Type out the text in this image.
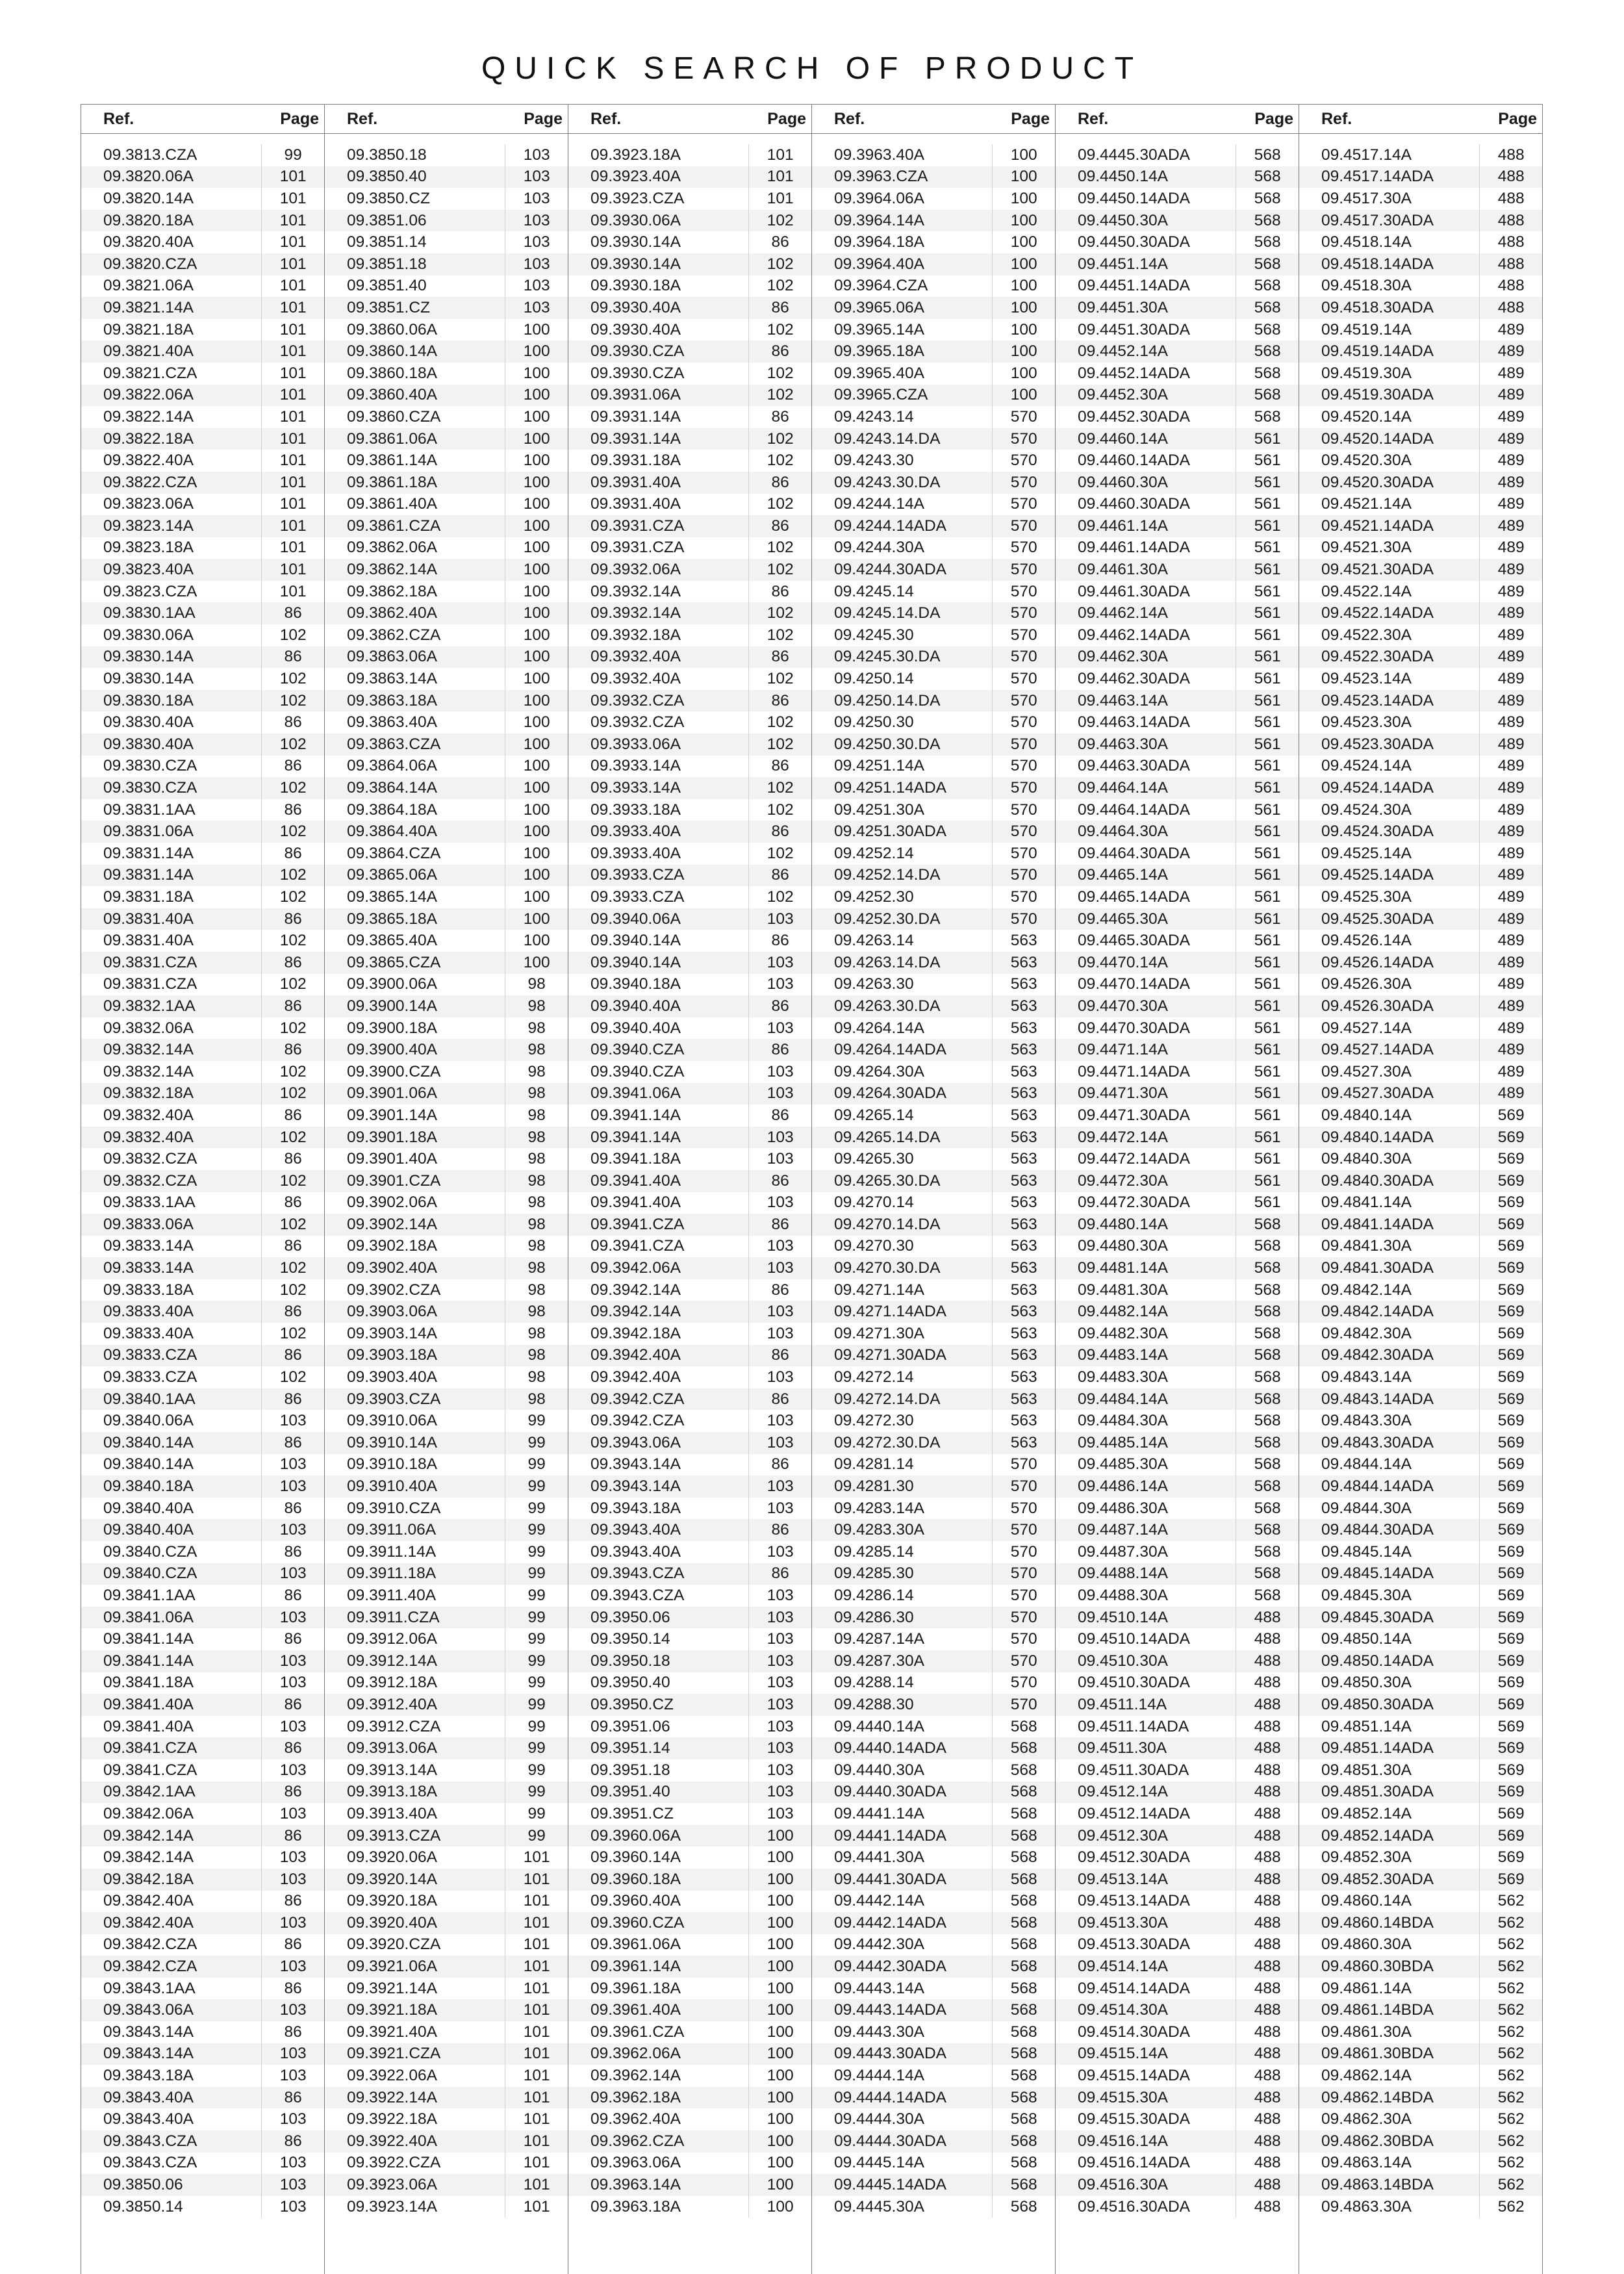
QUICK SEARCH OF PRODUCT
Ref.	Page
09.3813.CZA	99
09.3820.06A	101
09.3820.14A	101
09.3820.18A	101
09.3820.40A	101
09.3820.CZA	101
09.3821.06A	101
09.3821.14A	101
09.3821.18A	101
09.3821.40A	101
09.3821.CZA	101
09.3822.06A	101
09.3822.14A	101
09.3822.18A	101
09.3822.40A	101
09.3822.CZA	101
09.3823.06A	101
09.3823.14A	101
09.3823.18A	101
09.3823.40A	101
09.3823.CZA	101
09.3830.1AA	86
09.3830.06A	102
09.3830.14A	86
09.3830.14A	102
09.3830.18A	102
09.3830.40A	86
09.3830.40A	102
09.3830.CZA	86
09.3830.CZA	102
09.3831.1AA	86
09.3831.06A	102
09.3831.14A	86
09.3831.14A	102
09.3831.18A	102
09.3831.40A	86
09.3831.40A	102
09.3831.CZA	86
09.3831.CZA	102
09.3832.1AA	86
09.3832.06A	102
09.3832.14A	86
09.3832.14A	102
09.3832.18A	102
09.3832.40A	86
09.3832.40A	102
09.3832.CZA	86
09.3832.CZA	102
09.3833.1AA	86
09.3833.06A	102
09.3833.14A	86
09.3833.14A	102
09.3833.18A	102
09.3833.40A	86
09.3833.40A	102
09.3833.CZA	86
09.3833.CZA	102
09.3840.1AA	86
09.3840.06A	103
09.3840.14A	86
09.3840.14A	103
09.3840.18A	103
09.3840.40A	86
09.3840.40A	103
09.3840.CZA	86
09.3840.CZA	103
09.3841.1AA	86
09.3841.06A	103
09.3841.14A	86
09.3841.14A	103
09.3841.18A	103
09.3841.40A	86
09.3841.40A	103
09.3841.CZA	86
09.3841.CZA	103
09.3842.1AA	86
09.3842.06A	103
09.3842.14A	86
09.3842.14A	103
09.3842.18A	103
09.3842.40A	86
09.3842.40A	103
09.3842.CZA	86
09.3842.CZA	103
09.3843.1AA	86
09.3843.06A	103
09.3843.14A	86
09.3843.14A	103
09.3843.18A	103
09.3843.40A	86
09.3843.40A	103
09.3843.CZA	86
09.3843.CZA	103
09.3850.06	103
09.3850.14	103
Ref.	Page
09.3850.18	103
09.3850.40	103
09.3850.CZ	103
09.3851.06	103
09.3851.14	103
09.3851.18	103
09.3851.40	103
09.3851.CZ	103
09.3860.06A	100
09.3860.14A	100
09.3860.18A	100
09.3860.40A	100
09.3860.CZA	100
09.3861.06A	100
09.3861.14A	100
09.3861.18A	100
09.3861.40A	100
09.3861.CZA	100
09.3862.06A	100
09.3862.14A	100
09.3862.18A	100
09.3862.40A	100
09.3862.CZA	100
09.3863.06A	100
09.3863.14A	100
09.3863.18A	100
09.3863.40A	100
09.3863.CZA	100
09.3864.06A	100
09.3864.14A	100
09.3864.18A	100
09.3864.40A	100
09.3864.CZA	100
09.3865.06A	100
09.3865.14A	100
09.3865.18A	100
09.3865.40A	100
09.3865.CZA	100
09.3900.06A	98
09.3900.14A	98
09.3900.18A	98
09.3900.40A	98
09.3900.CZA	98
09.3901.06A	98
09.3901.14A	98
09.3901.18A	98
09.3901.40A	98
09.3901.CZA	98
09.3902.06A	98
09.3902.14A	98
09.3902.18A	98
09.3902.40A	98
09.3902.CZA	98
09.3903.06A	98
09.3903.14A	98
09.3903.18A	98
09.3903.40A	98
09.3903.CZA	98
09.3910.06A	99
09.3910.14A	99
09.3910.18A	99
09.3910.40A	99
09.3910.CZA	99
09.3911.06A	99
09.3911.14A	99
09.3911.18A	99
09.3911.40A	99
09.3911.CZA	99
09.3912.06A	99
09.3912.14A	99
09.3912.18A	99
09.3912.40A	99
09.3912.CZA	99
09.3913.06A	99
09.3913.14A	99
09.3913.18A	99
09.3913.40A	99
09.3913.CZA	99
09.3920.06A	101
09.3920.14A	101
09.3920.18A	101
09.3920.40A	101
09.3920.CZA	101
09.3921.06A	101
09.3921.14A	101
09.3921.18A	101
09.3921.40A	101
09.3921.CZA	101
09.3922.06A	101
09.3922.14A	101
09.3922.18A	101
09.3922.40A	101
09.3922.CZA	101
09.3923.06A	101
09.3923.14A	101
Ref.	Page
09.3923.18A	101
09.3923.40A	101
09.3923.CZA	101
09.3930.06A	102
09.3930.14A	86
09.3930.14A	102
09.3930.18A	102
09.3930.40A	86
09.3930.40A	102
09.3930.CZA	86
09.3930.CZA	102
09.3931.06A	102
09.3931.14A	86
09.3931.14A	102
09.3931.18A	102
09.3931.40A	86
09.3931.40A	102
09.3931.CZA	86
09.3931.CZA	102
09.3932.06A	102
09.3932.14A	86
09.3932.14A	102
09.3932.18A	102
09.3932.40A	86
09.3932.40A	102
09.3932.CZA	86
09.3932.CZA	102
09.3933.06A	102
09.3933.14A	86
09.3933.14A	102
09.3933.18A	102
09.3933.40A	86
09.3933.40A	102
09.3933.CZA	86
09.3933.CZA	102
09.3940.06A	103
09.3940.14A	86
09.3940.14A	103
09.3940.18A	103
09.3940.40A	86
09.3940.40A	103
09.3940.CZA	86
09.3940.CZA	103
09.3941.06A	103
09.3941.14A	86
09.3941.14A	103
09.3941.18A	103
09.3941.40A	86
09.3941.40A	103
09.3941.CZA	86
09.3941.CZA	103
09.3942.06A	103
09.3942.14A	86
09.3942.14A	103
09.3942.18A	103
09.3942.40A	86
09.3942.40A	103
09.3942.CZA	86
09.3942.CZA	103
09.3943.06A	103
09.3943.14A	86
09.3943.14A	103
09.3943.18A	103
09.3943.40A	86
09.3943.40A	103
09.3943.CZA	86
09.3943.CZA	103
09.3950.06	103
09.3950.14	103
09.3950.18	103
09.3950.40	103
09.3950.CZ	103
09.3951.06	103
09.3951.14	103
09.3951.18	103
09.3951.40	103
09.3951.CZ	103
09.3960.06A	100
09.3960.14A	100
09.3960.18A	100
09.3960.40A	100
09.3960.CZA	100
09.3961.06A	100
09.3961.14A	100
09.3961.18A	100
09.3961.40A	100
09.3961.CZA	100
09.3962.06A	100
09.3962.14A	100
09.3962.18A	100
09.3962.40A	100
09.3962.CZA	100
09.3963.06A	100
09.3963.14A	100
09.3963.18A	100
Ref.	Page
09.3963.40A	100
09.3963.CZA	100
09.3964.06A	100
09.3964.14A	100
09.3964.18A	100
09.3964.40A	100
09.3964.CZA	100
09.3965.06A	100
09.3965.14A	100
09.3965.18A	100
09.3965.40A	100
09.3965.CZA	100
09.4243.14	570
09.4243.14.DA	570
09.4243.30	570
09.4243.30.DA	570
09.4244.14A	570
09.4244.14ADA	570
09.4244.30A	570
09.4244.30ADA	570
09.4245.14	570
09.4245.14.DA	570
09.4245.30	570
09.4245.30.DA	570
09.4250.14	570
09.4250.14.DA	570
09.4250.30	570
09.4250.30.DA	570
09.4251.14A	570
09.4251.14ADA	570
09.4251.30A	570
09.4251.30ADA	570
09.4252.14	570
09.4252.14.DA	570
09.4252.30	570
09.4252.30.DA	570
09.4263.14	563
09.4263.14.DA	563
09.4263.30	563
09.4263.30.DA	563
09.4264.14A	563
09.4264.14ADA	563
09.4264.30A	563
09.4264.30ADA	563
09.4265.14	563
09.4265.14.DA	563
09.4265.30	563
09.4265.30.DA	563
09.4270.14	563
09.4270.14.DA	563
09.4270.30	563
09.4270.30.DA	563
09.4271.14A	563
09.4271.14ADA	563
09.4271.30A	563
09.4271.30ADA	563
09.4272.14	563
09.4272.14.DA	563
09.4272.30	563
09.4272.30.DA	563
09.4281.14	570
09.4281.30	570
09.4283.14A	570
09.4283.30A	570
09.4285.14	570
09.4285.30	570
09.4286.14	570
09.4286.30	570
09.4287.14A	570
09.4287.30A	570
09.4288.14	570
09.4288.30	570
09.4440.14A	568
09.4440.14ADA	568
09.4440.30A	568
09.4440.30ADA	568
09.4441.14A	568
09.4441.14ADA	568
09.4441.30A	568
09.4441.30ADA	568
09.4442.14A	568
09.4442.14ADA	568
09.4442.30A	568
09.4442.30ADA	568
09.4443.14A	568
09.4443.14ADA	568
09.4443.30A	568
09.4443.30ADA	568
09.4444.14A	568
09.4444.14ADA	568
09.4444.30A	568
09.4444.30ADA	568
09.4445.14A	568
09.4445.14ADA	568
09.4445.30A	568
Ref.	Page
09.4445.30ADA	568
09.4450.14A	568
09.4450.14ADA	568
09.4450.30A	568
09.4450.30ADA	568
09.4451.14A	568
09.4451.14ADA	568
09.4451.30A	568
09.4451.30ADA	568
09.4452.14A	568
09.4452.14ADA	568
09.4452.30A	568
09.4452.30ADA	568
09.4460.14A	561
09.4460.14ADA	561
09.4460.30A	561
09.4460.30ADA	561
09.4461.14A	561
09.4461.14ADA	561
09.4461.30A	561
09.4461.30ADA	561
09.4462.14A	561
09.4462.14ADA	561
09.4462.30A	561
09.4462.30ADA	561
09.4463.14A	561
09.4463.14ADA	561
09.4463.30A	561
09.4463.30ADA	561
09.4464.14A	561
09.4464.14ADA	561
09.4464.30A	561
09.4464.30ADA	561
09.4465.14A	561
09.4465.14ADA	561
09.4465.30A	561
09.4465.30ADA	561
09.4470.14A	561
09.4470.14ADA	561
09.4470.30A	561
09.4470.30ADA	561
09.4471.14A	561
09.4471.14ADA	561
09.4471.30A	561
09.4471.30ADA	561
09.4472.14A	561
09.4472.14ADA	561
09.4472.30A	561
09.4472.30ADA	561
09.4480.14A	568
09.4480.30A	568
09.4481.14A	568
09.4481.30A	568
09.4482.14A	568
09.4482.30A	568
09.4483.14A	568
09.4483.30A	568
09.4484.14A	568
09.4484.30A	568
09.4485.14A	568
09.4485.30A	568
09.4486.14A	568
09.4486.30A	568
09.4487.14A	568
09.4487.30A	568
09.4488.14A	568
09.4488.30A	568
09.4510.14A	488
09.4510.14ADA	488
09.4510.30A	488
09.4510.30ADA	488
09.4511.14A	488
09.4511.14ADA	488
09.4511.30A	488
09.4511.30ADA	488
09.4512.14A	488
09.4512.14ADA	488
09.4512.30A	488
09.4512.30ADA	488
09.4513.14A	488
09.4513.14ADA	488
09.4513.30A	488
09.4513.30ADA	488
09.4514.14A	488
09.4514.14ADA	488
09.4514.30A	488
09.4514.30ADA	488
09.4515.14A	488
09.4515.14ADA	488
09.4515.30A	488
09.4515.30ADA	488
09.4516.14A	488
09.4516.14ADA	488
09.4516.30A	488
09.4516.30ADA	488
Ref.	Page
09.4517.14A	488
09.4517.14ADA	488
09.4517.30A	488
09.4517.30ADA	488
09.4518.14A	488
09.4518.14ADA	488
09.4518.30A	488
09.4518.30ADA	488
09.4519.14A	489
09.4519.14ADA	489
09.4519.30A	489
09.4519.30ADA	489
09.4520.14A	489
09.4520.14ADA	489
09.4520.30A	489
09.4520.30ADA	489
09.4521.14A	489
09.4521.14ADA	489
09.4521.30A	489
09.4521.30ADA	489
09.4522.14A	489
09.4522.14ADA	489
09.4522.30A	489
09.4522.30ADA	489
09.4523.14A	489
09.4523.14ADA	489
09.4523.30A	489
09.4523.30ADA	489
09.4524.14A	489
09.4524.14ADA	489
09.4524.30A	489
09.4524.30ADA	489
09.4525.14A	489
09.4525.14ADA	489
09.4525.30A	489
09.4525.30ADA	489
09.4526.14A	489
09.4526.14ADA	489
09.4526.30A	489
09.4526.30ADA	489
09.4527.14A	489
09.4527.14ADA	489
09.4527.30A	489
09.4527.30ADA	489
09.4840.14A	569
09.4840.14ADA	569
09.4840.30A	569
09.4840.30ADA	569
09.4841.14A	569
09.4841.14ADA	569
09.4841.30A	569
09.4841.30ADA	569
09.4842.14A	569
09.4842.14ADA	569
09.4842.30A	569
09.4842.30ADA	569
09.4843.14A	569
09.4843.14ADA	569
09.4843.30A	569
09.4843.30ADA	569
09.4844.14A	569
09.4844.14ADA	569
09.4844.30A	569
09.4844.30ADA	569
09.4845.14A	569
09.4845.14ADA	569
09.4845.30A	569
09.4845.30ADA	569
09.4850.14A	569
09.4850.14ADA	569
09.4850.30A	569
09.4850.30ADA	569
09.4851.14A	569
09.4851.14ADA	569
09.4851.30A	569
09.4851.30ADA	569
09.4852.14A	569
09.4852.14ADA	569
09.4852.30A	569
09.4852.30ADA	569
09.4860.14A	562
09.4860.14BDA	562
09.4860.30A	562
09.4860.30BDA	562
09.4861.14A	562
09.4861.14BDA	562
09.4861.30A	562
09.4861.30BDA	562
09.4862.14A	562
09.4862.14BDA	562
09.4862.30A	562
09.4862.30BDA	562
09.4863.14A	562
09.4863.14BDA	562
09.4863.30A	562
